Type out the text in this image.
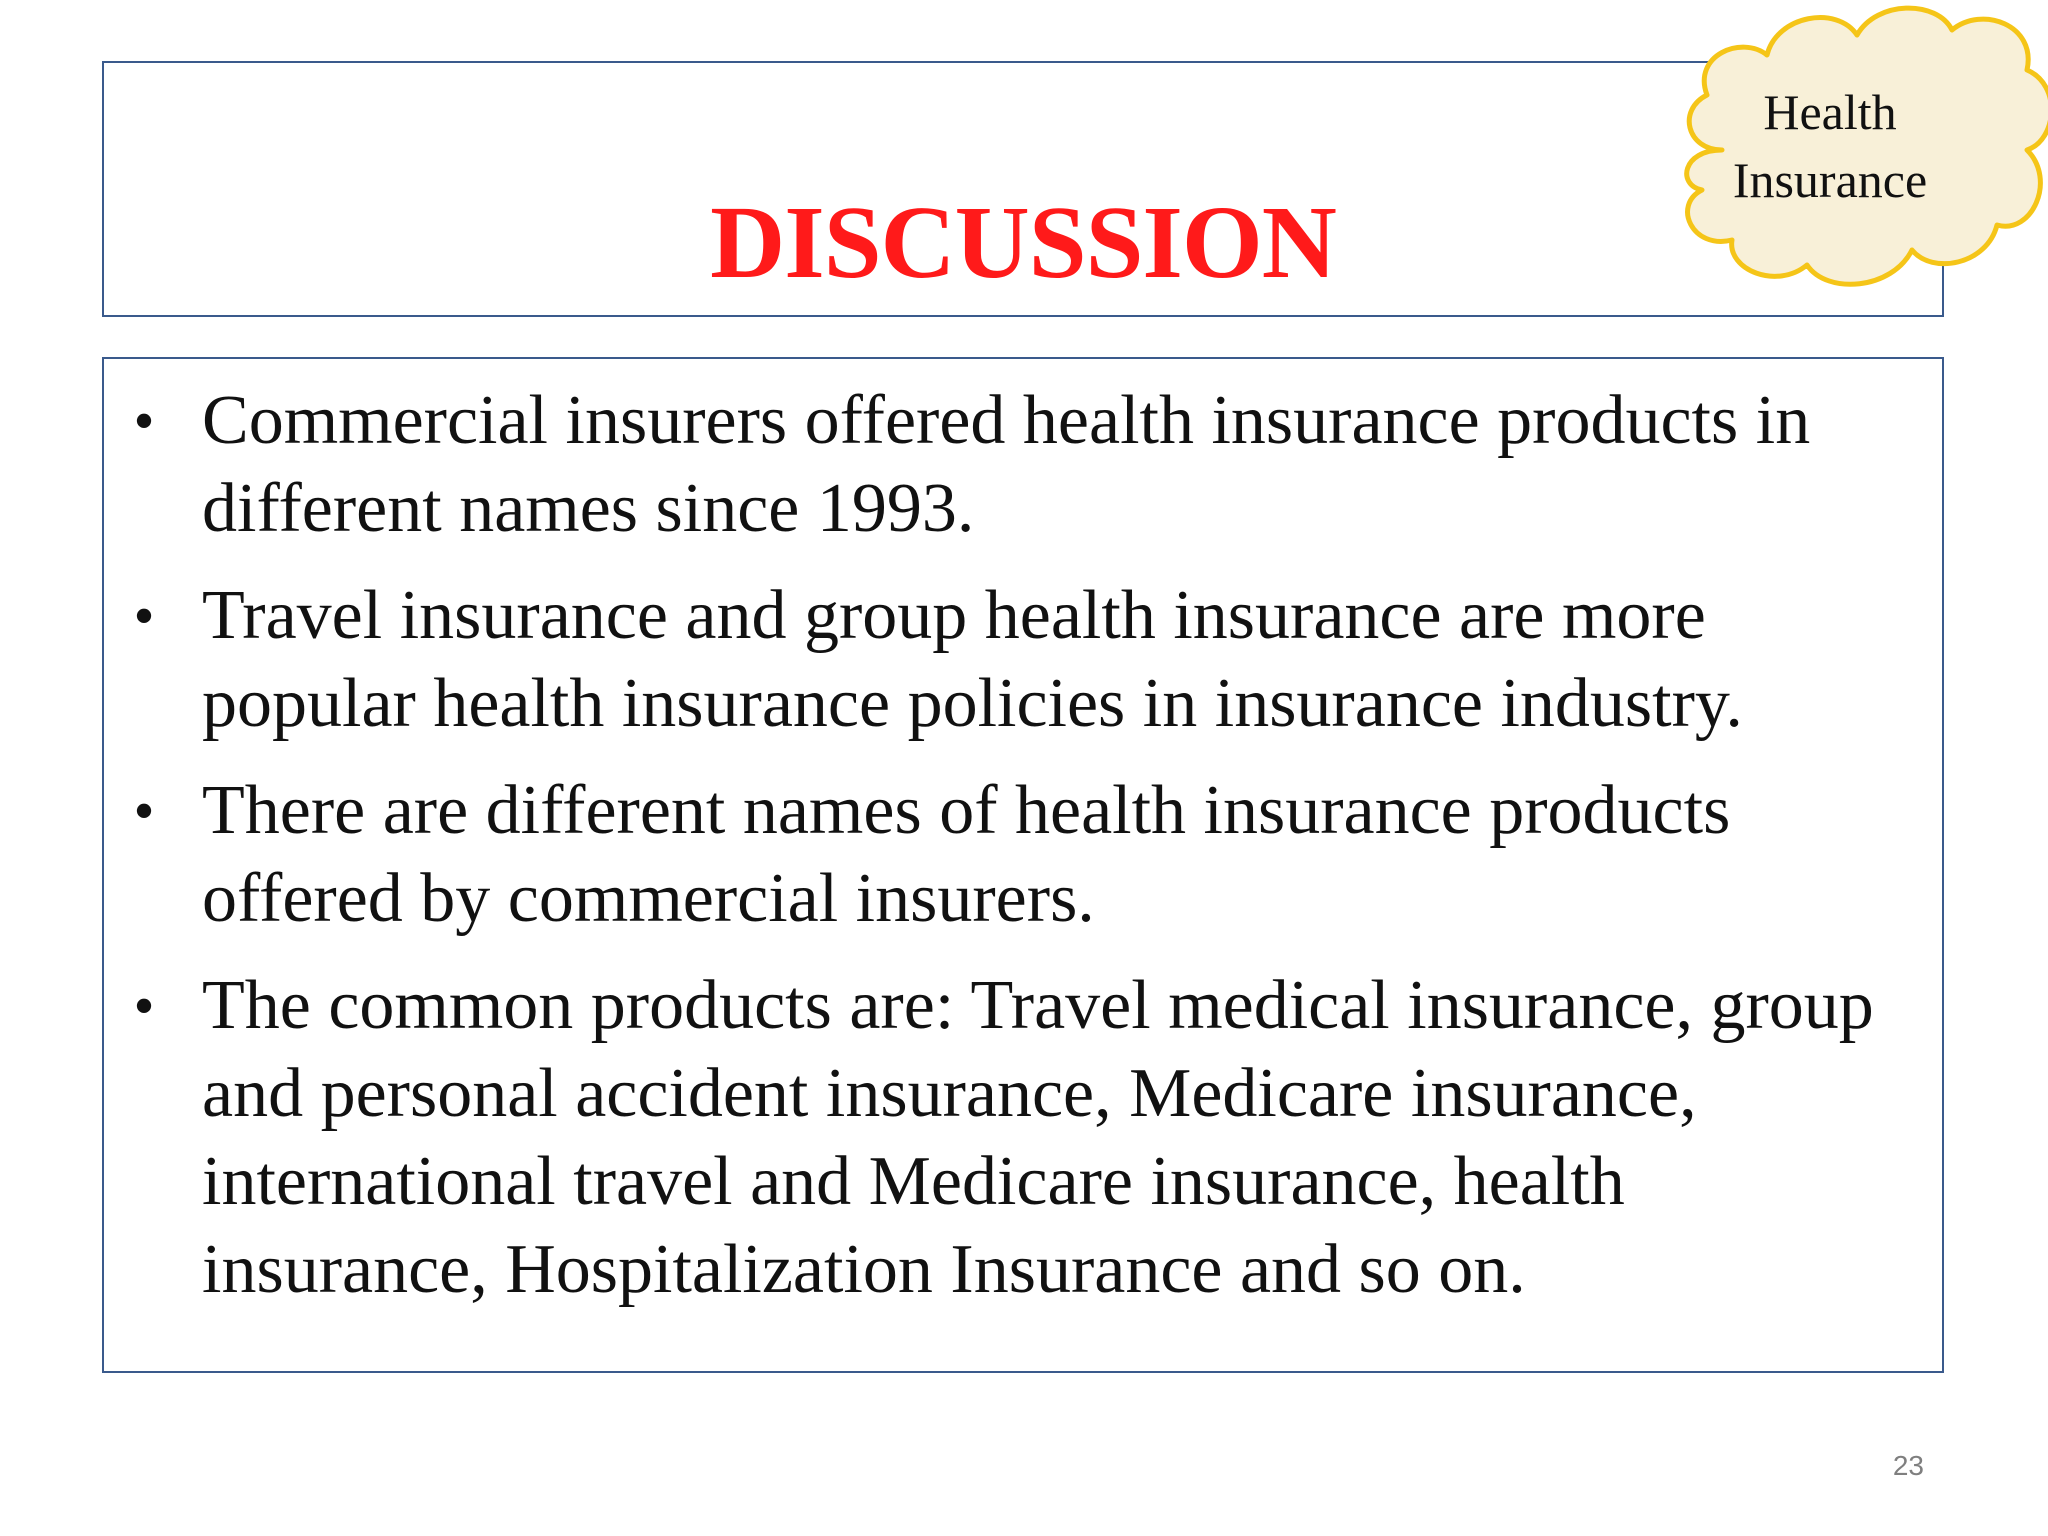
DISCUSSION
Health
Insurance
• Commercial insurers offered health insurance products in different names since 1993.
• Travel insurance and group health insurance are more popular health insurance policies in insurance industry.
• There are different names of health insurance products offered by commercial insurers.
• The common products are: Travel medical insurance, group and personal accident insurance, Medicare insurance, international travel and Medicare insurance, health insurance, Hospitalization Insurance and so on.
23
